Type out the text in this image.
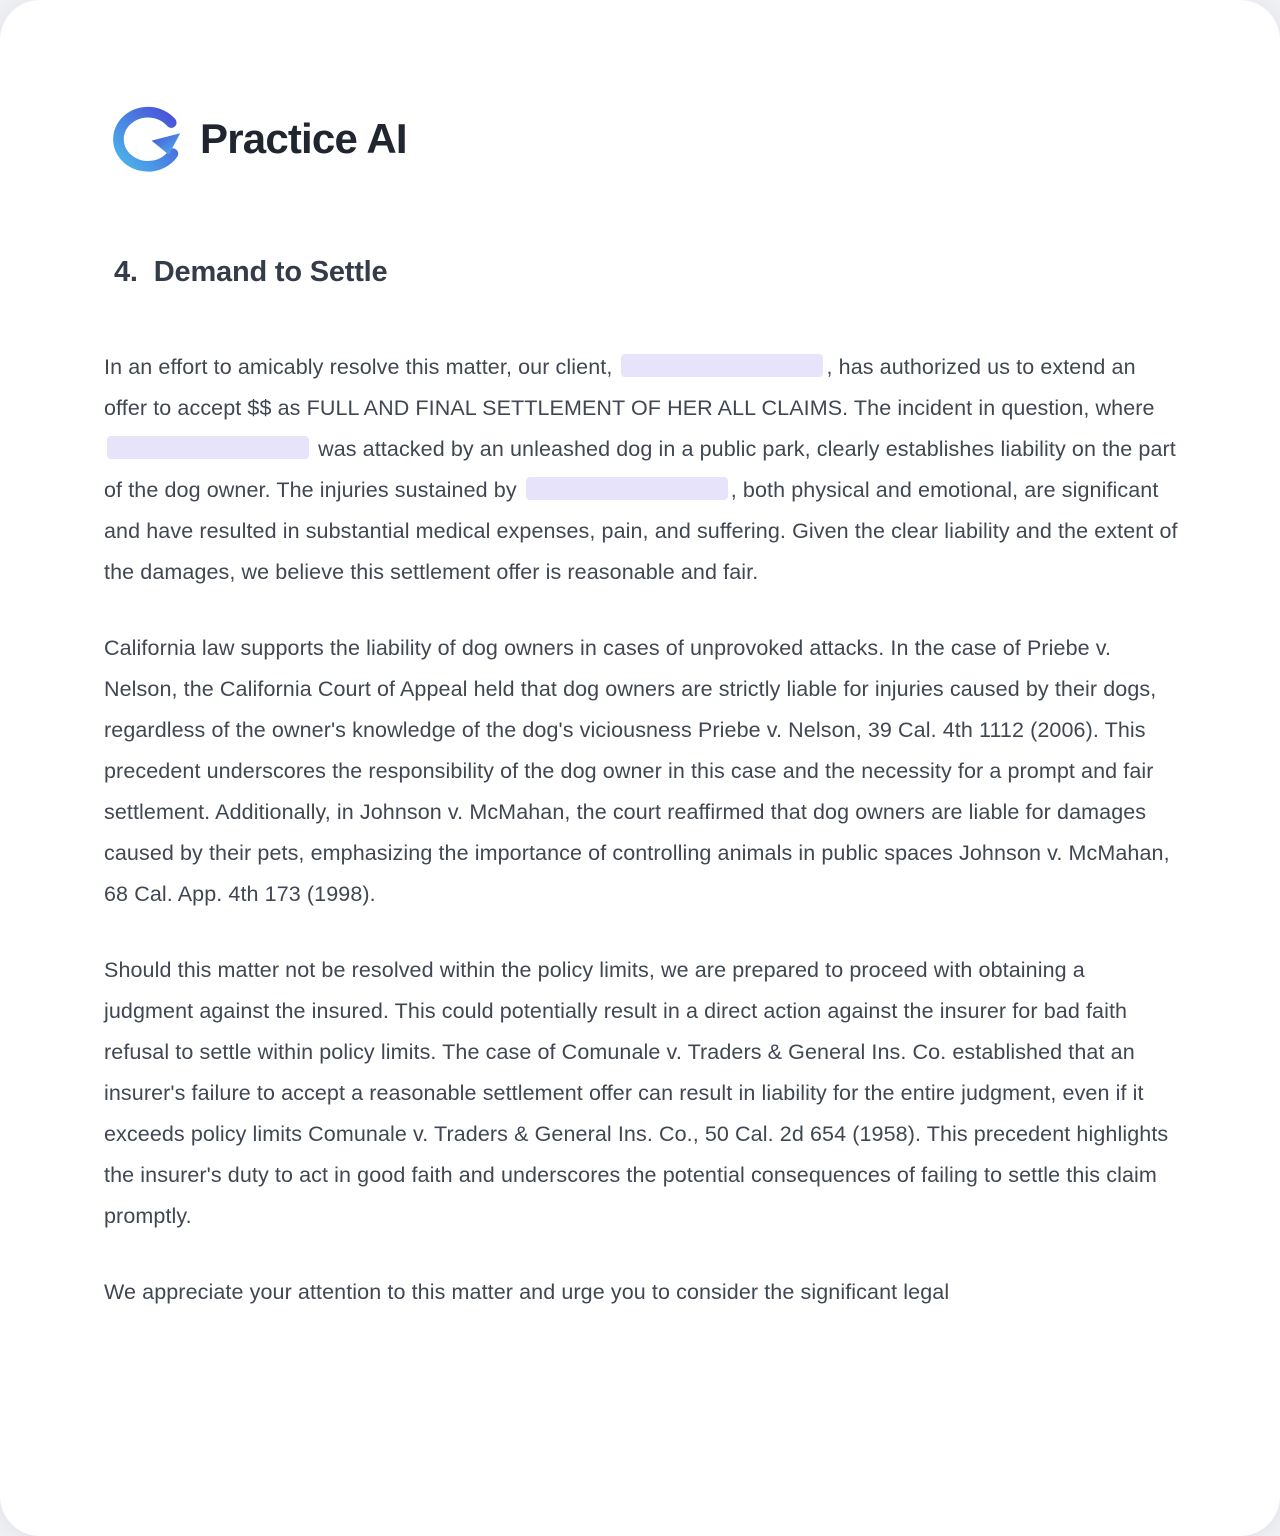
Practice AI
4. Demand to Settle

In an effort to amicably resolve this matter, our client,	, has authorized us to extend an offer to accept $$ as FULL AND FINAL SETTLEMENT OF HER ALL CLAIMS. The incident in question, where  was attacked by an unleashed dog in a public park, clearly establishes liability on the part of the dog owner. The injuries sustained by	, both physical and emotional, are significant and have resulted in substantial medical expenses, pain, and suffering. Given the clear liability and the extent of the damages, we believe this settlement offer is reasonable and fair.

California law supports the liability of dog owners in cases of unprovoked attacks. In the case of Priebe v. Nelson, the California Court of Appeal held that dog owners are strictly liable for injuries caused by their dogs, regardless of the owner's knowledge of the dog's viciousness Priebe v. Nelson, 39 Cal. 4th 1112 (2006). This precedent underscores the responsibility of the dog owner in this case and the necessity for a prompt and fair settlement. Additionally, in Johnson v. McMahan, the court reaffirmed that dog owners are liable for damages caused by their pets, emphasizing the importance of controlling animals in public spaces Johnson v. McMahan, 68 Cal. App. 4th 173 (1998).

Should this matter not be resolved within the policy limits, we are prepared to proceed with obtaining a judgment against the insured. This could potentially result in a direct action against the insurer for bad faith refusal to settle within policy limits. The case of Comunale v. Traders & General Ins. Co. established that an insurer's failure to accept a reasonable settlement offer can result in liability for the entire judgment, even if it exceeds policy limits Comunale v. Traders & General Ins. Co., 50 Cal. 2d 654 (1958). This precedent highlights the insurer's duty to act in good faith and underscores the potential consequences of failing to settle this claim promptly.

We appreciate your attention to this matter and urge you to consider the significant legal
